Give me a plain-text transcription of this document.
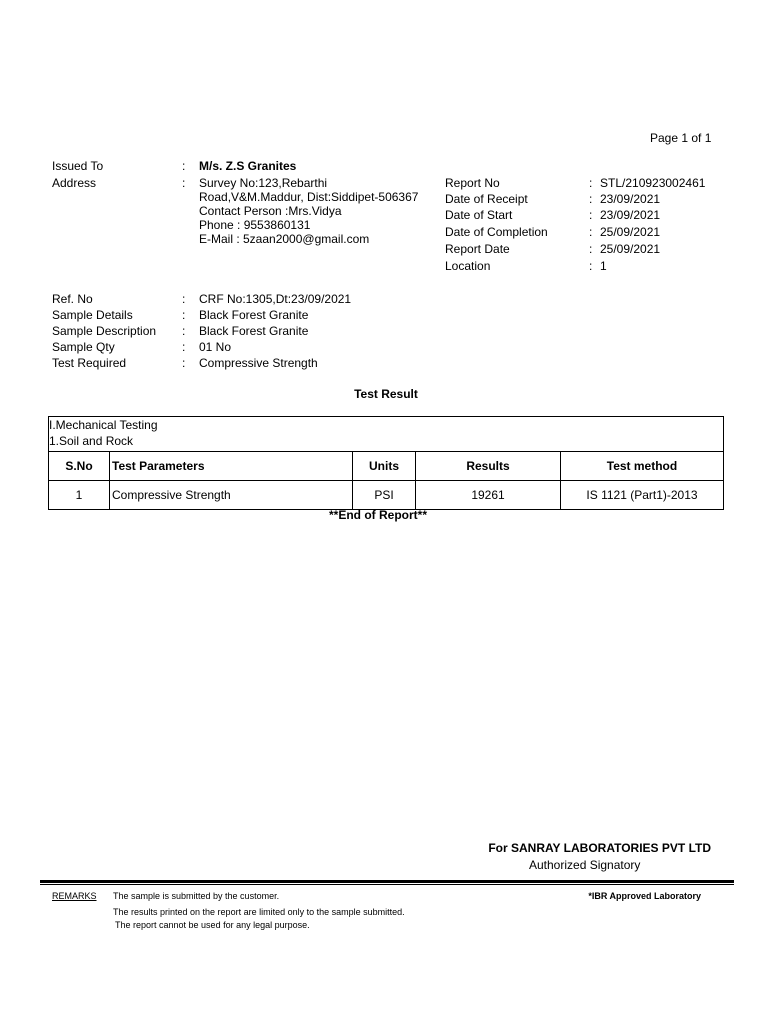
Page 1 of 1
Issued To	: M/s. Z.S Granites
Address	: Survey No:123,Rebarthi
Road,V&M.Maddur, Dist:Siddipet-506367
Contact Person :Mrs.Vidya
Phone : 9553860131
E-Mail : 5zaan2000@gmail.com
Report No	: STL/210923002461
Date of Receipt	: 23/09/2021
Date of Start	: 23/09/2021
Date of Completion	: 25/09/2021
Report Date	: 25/09/2021
Location	: 1
Ref. No	: CRF No:1305,Dt:23/09/2021
Sample Details	: Black Forest Granite
Sample Description : Black Forest Granite
Sample Qty	: 01 No
Test Required	: Compressive Strength
Test Result
I.Mechanical Testing
1.Soil and Rock				

S.No	Test Parameters	Units	Results	Test method
1	Compressive Strength	PSI	19261	IS 1121 (Part1)-2013
**End of Report**
For SANRAY LABORATORIES PVT LTD
Authorized Signatory
REMARKS The sample is submitted by the customer.
The results printed on the report are limited only to the sample submitted.
The report cannot be used for any legal purpose.
*IBR Approved Laboratory
